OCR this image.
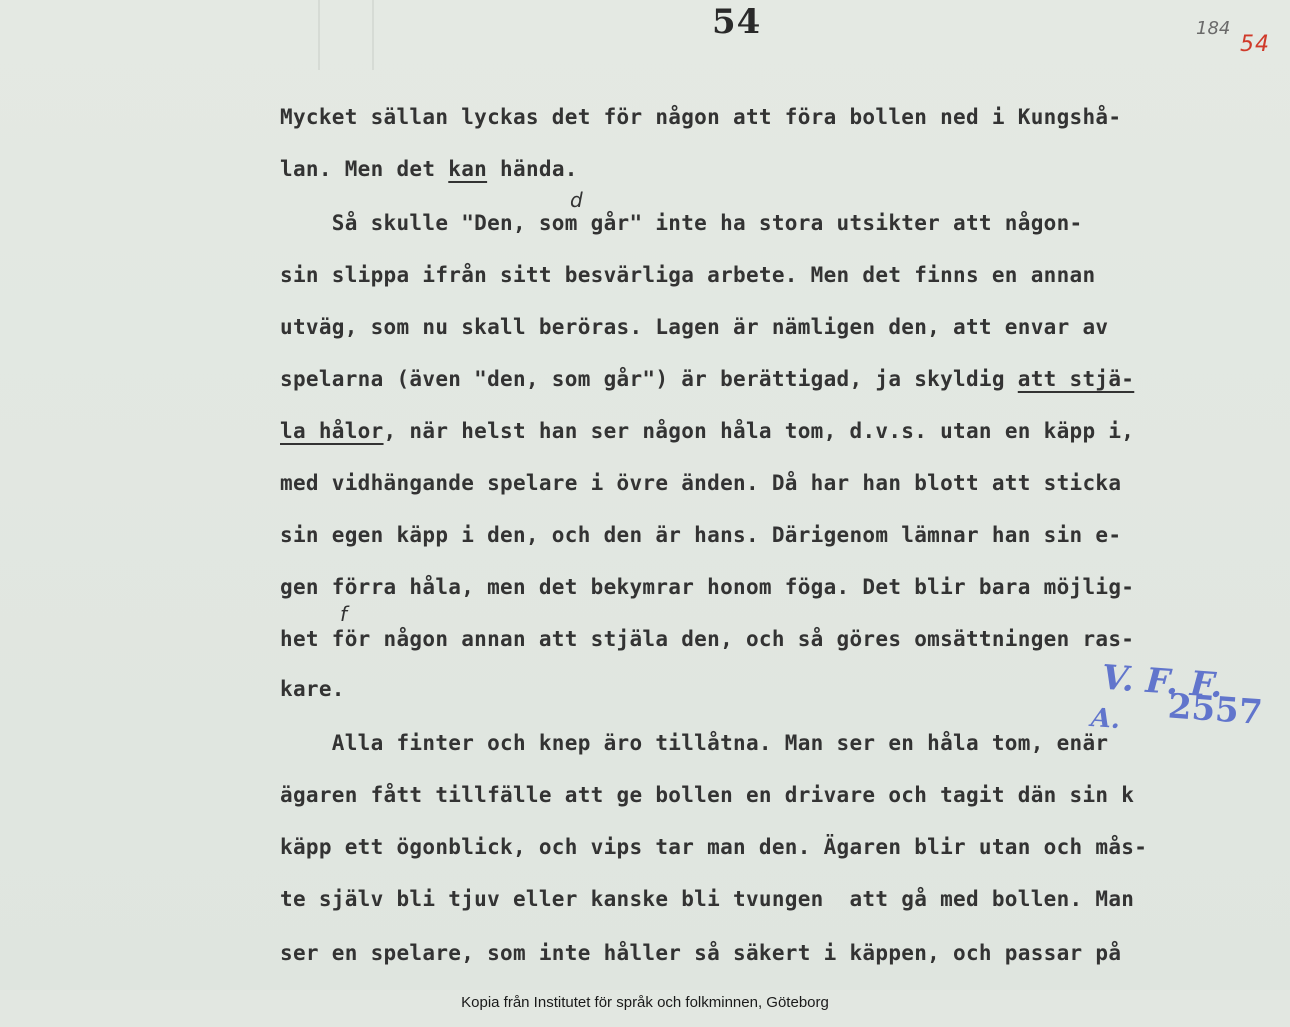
54	184
54
Mycket sällan lyckas det för någon att föra bollen ned i Kungshå-
lan. Men det kan hända.
Så skulle "Den, som går" inte ha stora utsikter att någon-
sin slippa ifrån sitt besvärliga arbete. Men det finns en annan
utväg, som nu skall beröras. Lagen är nämligen den, att envar av
spelarna (även "den, som går") är berättigad, ja skyldig att stjä-
la hålor, när helst han ser någon håla tom, d.v.s. utan en käpp i,
med vidhängande spelare i övre änden. Då har han blott att sticka
sin egen käpp i den, och den är hans. Därigenom lämnar han sin e-
gen förra håla, men det bekymrar honom föga. Det blir bara möjlig-
het för någon annan att stjäla den, och så göres omsättningen ras-
kare.
Alla finter och knep äro tillåtna. Man ser en håla tom, enär
ägaren fått tillfälle att ge bollen en drivare och tagit dän sin k
käpp ett ögonblick, och vips tar man den. Ägaren blir utan och mås-
te själv bli tjuv eller kanske bli tvungen  att gå med bollen. Man
ser en spelare, som inte håller så säkert i käppen, och passar på
d
f
V. F. F.
2557
A.
Kopia från Institutet för språk och folkminnen, Göteborg
